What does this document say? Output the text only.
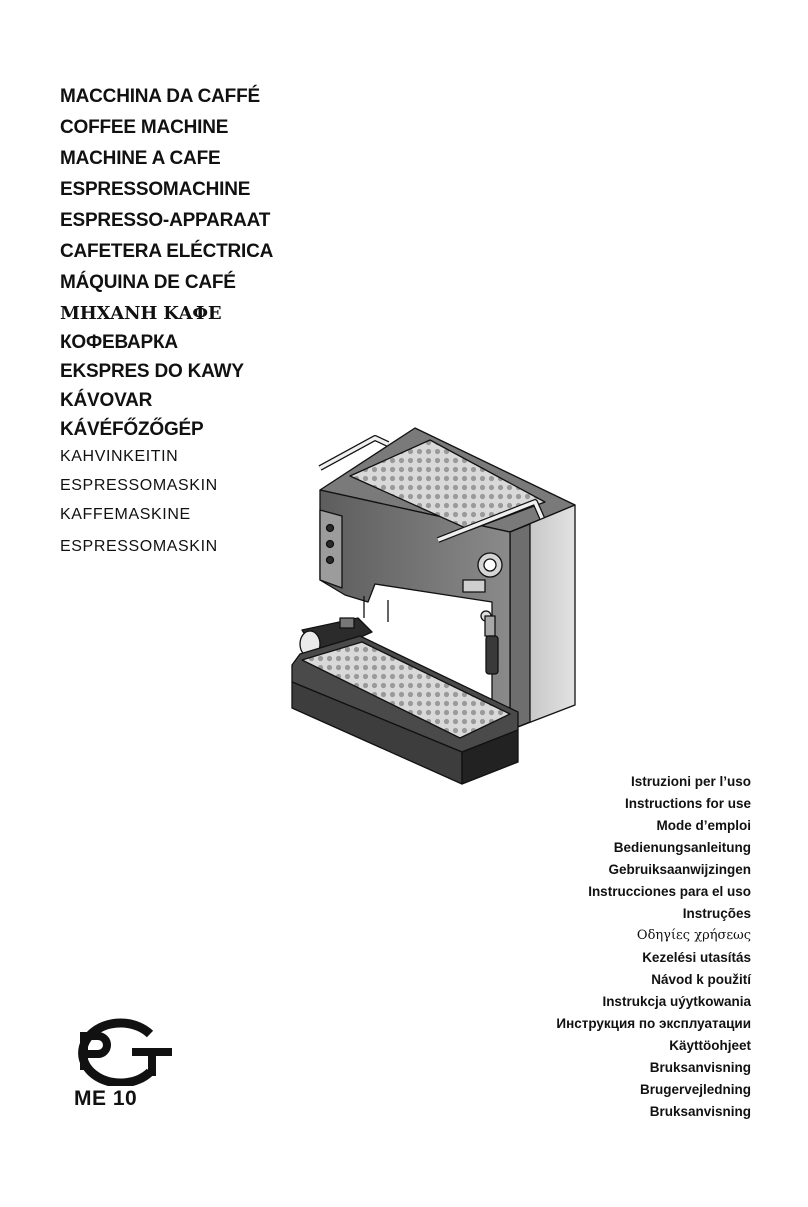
MACCHINA DA CAFFÉ
COFFEE MACHINE
MACHINE A CAFE
ESPRESSOMACHINE
ESPRESSO-APPARAAT
CAFETERA ELÉCTRICA
MÁQUINA DE CAFÉ
ΜΗΧΑΝΗ ΚΑΦΕ
КОФЕВАРКА
EKSPRES DO KAWY
KÁVOVAR
KÁVÉFŐZŐGÉP
KAHVINKEITIN
ESPRESSOMASKIN
KAFFEMASKINE
ESPRESSOMASKIN
Istruzioni per l’uso
Instructions for use
Mode d’emploi
Bedienungsanleitung
Gebruiksaanwijzingen
Instrucciones para el uso
Instruções
Οδηγίες χρήσεως
Kezelési utasítás
Návod k použití
Instrukcja uýytkowania
Инструкция по эксплуатации
Käyttöohjeet
Bruksanvisning
Brugervejledning
Bruksanvisning
ME 10
